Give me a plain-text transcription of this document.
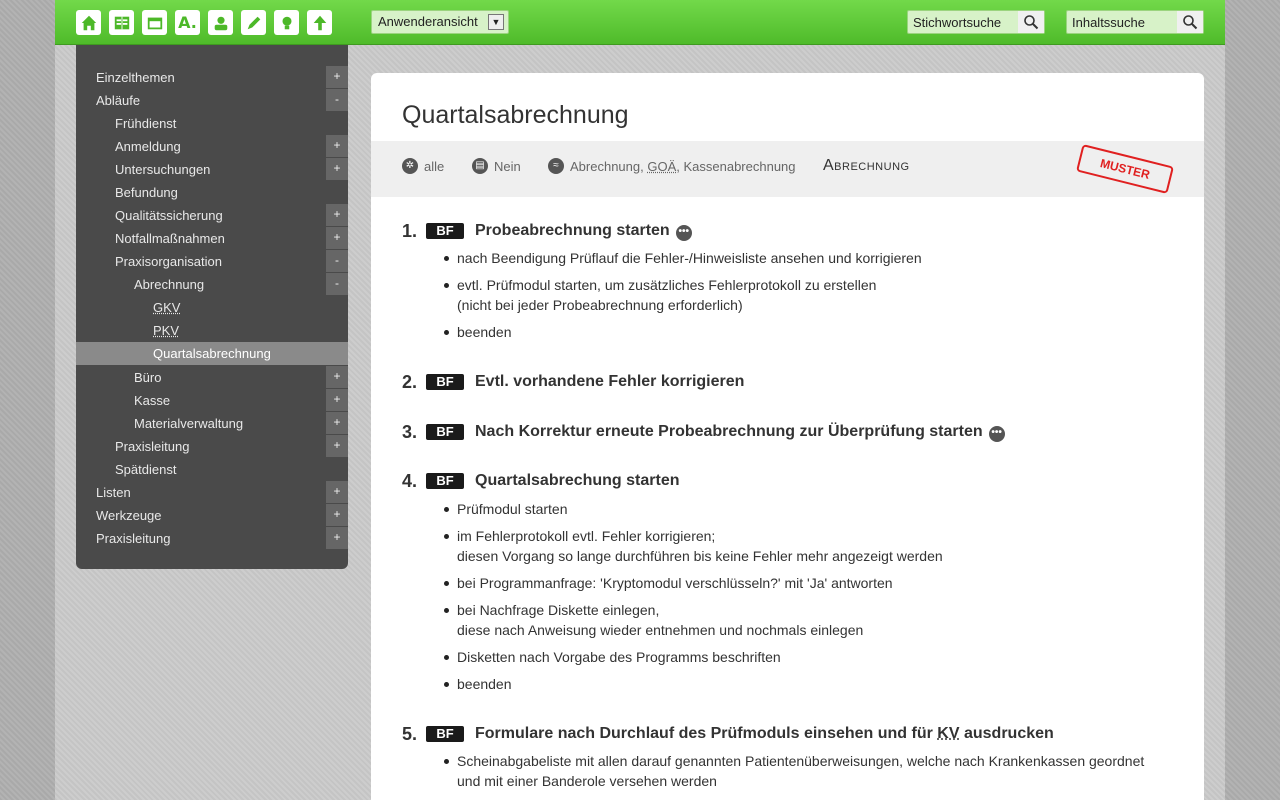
A.	Anwenderansicht	▼	Stichwortsuche	Inhaltssuche
Einzelthemen	+
Abläufe	-
Frühdienst
Anmeldung	+
Untersuchungen	+
Befundung
Qualitätssicherung	+
Notfallmaßnahmen	+
Praxisorganisation	-
Abrechnung	-
GKV
PKV
Quartalsabrechnung
Büro	+
Kasse	+
Materialverwaltung	+
Praxisleitung	+
Spätdienst
Listen	+
Werkzeuge	+
Praxisleitung	+
Quartalsabrechnung
✲ alle	▤ Nein	≈ Abrechnung, GOÄ, Kassenabrechnung Abrechnung	MUSTER
1.	BF	Probeabrechnung starten •••
nach Beendigung Prüflauf die Fehler-/Hinweisliste ansehen und korrigieren
evtl. Prüfmodul starten, um zusätzliches Fehlerprotokoll zu erstellen
(nicht bei jeder Probeabrechnung erforderlich)
beenden
2.	BF	Evtl. vorhandene Fehler korrigieren
3.	BF	Nach Korrektur erneute Probeabrechnung zur Überprüfung starten •••
4.	BF	Quartalsabrechung starten
Prüfmodul starten
im Fehlerprotokoll evtl. Fehler korrigieren;
diesen Vorgang so lange durchführen bis keine Fehler mehr angezeigt werden
bei Programmanfrage: 'Kryptomodul verschlüsseln?' mit 'Ja' antworten
bei Nachfrage Diskette einlegen,
diese nach Anweisung wieder entnehmen und nochmals einlegen
Disketten nach Vorgabe des Programms beschriften
beenden
5.	BF	Formulare nach Durchlauf des Prüfmoduls einsehen und für KV ausdrucken
Scheinabgabeliste mit allen darauf genannten Patientenüberweisungen, welche nach Krankenkassen geordnet
und mit einer Banderole versehen werden
